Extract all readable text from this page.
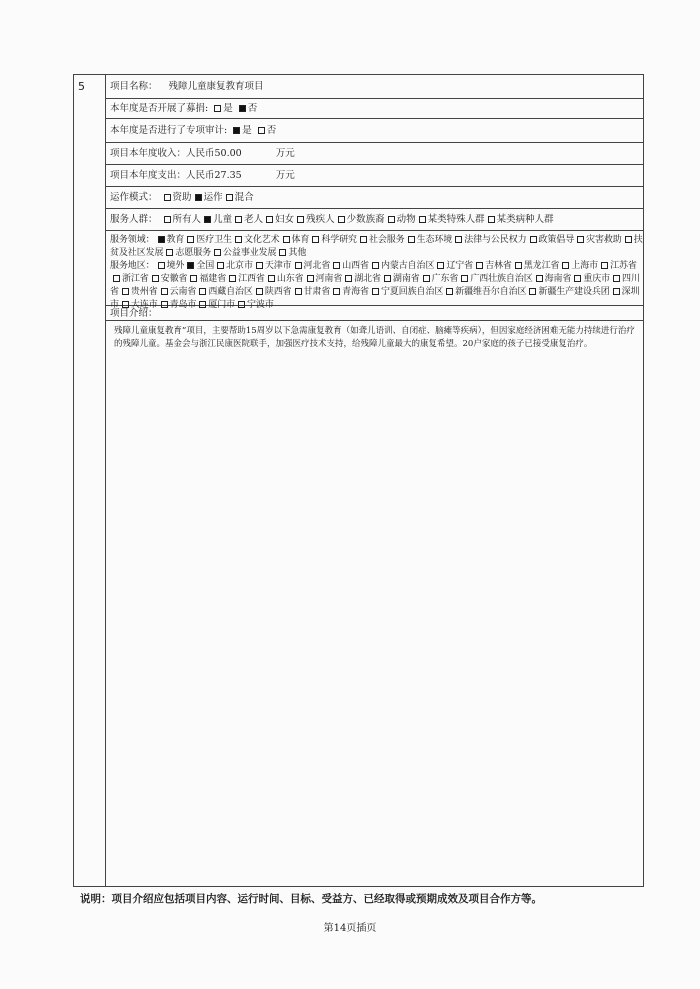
5	项目名称： 残障儿童康复教育项目
本年度是否开展了募捐: 是 否
本年度是否进行了专项审计: 是 否
项目本年度收入：人民币50.00	万元
项目本年度支出：人民币27.35	万元
运作模式： 资助 运作 混合
服务人群： 所有人 儿童 老人 妇女 残疾人 少数族裔 动物 某类特殊人群 某类病种人群
服务领域： 教育 医疗卫生 文化艺术 体育 科学研究 社会服务 生态环境 法律与公民权力 政策倡导 灾害救助 扶贫及社区发展 志愿服务 公益事业发展 其他
服务地区： 境外 全国 北京市 天津市 河北省 山西省 内蒙古自治区 辽宁省 吉林省 黑龙江省 上海市 江苏省浙江省 安徽省 福建省 江西省 山东省 河南省 湖北省 湖南省 广东省 广西壮族自治区 海南省 重庆市 四川省 贵州省 云南省 西藏自治区 陕西省 甘肃省 青海省 宁夏回族自治区 新疆维吾尔自治区 新疆生产建设兵团 深圳市 大连市 青岛市 厦门市 宁波市
项目介绍：
残障儿童康复教育”项目，主要帮助15周岁以下急需康复教育（如聋儿语训、自闭症、脑瘫等疾病），但因家庭经济困难无能力持续进行治疗的残障儿童。基金会与浙江民康医院联手，加强医疗技术支持，给残障儿童最大的康复希望。20户家庭的孩子已接受康复治疗。
说明：项目介绍应包括项目内容、运行时间、目标、受益方、已经取得或预期成效及项目合作方等。
第14页插页
